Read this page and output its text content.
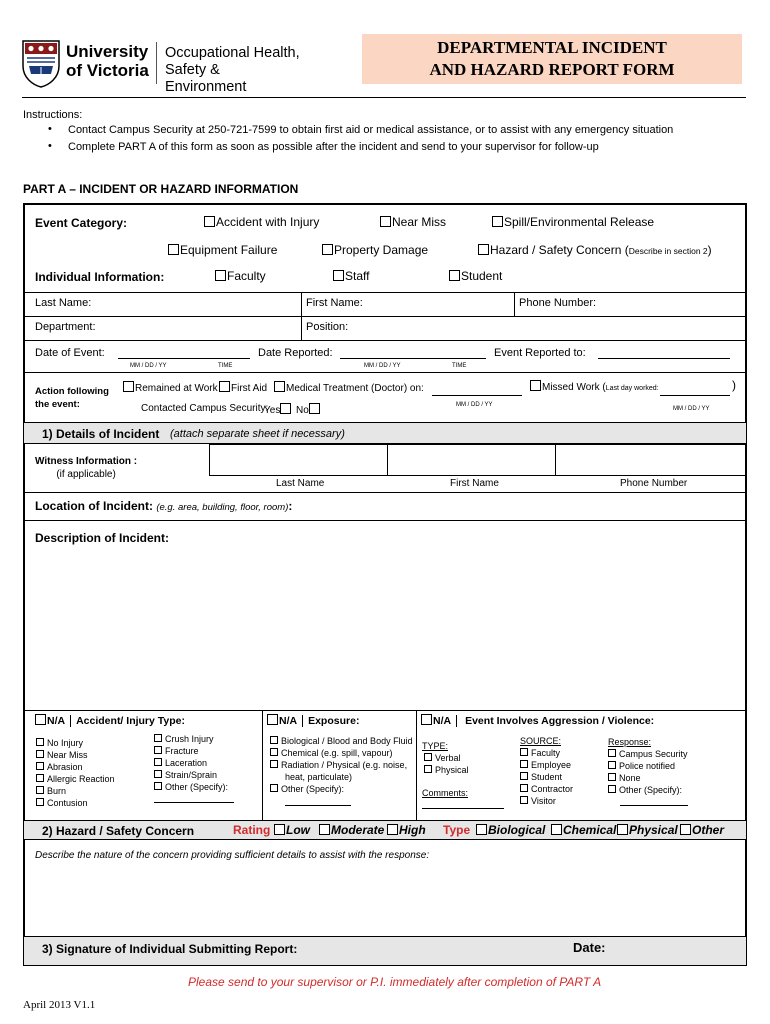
University
of Victoria
Occupational Health,
Safety & Environment
DEPARTMENTAL INCIDENT
AND HAZARD REPORT FORM
Instructions:
• Contact Campus Security at 250-721-7599 to obtain first aid or medical assistance, or to assist with any emergency situation
• Complete PART A of this form as soon as possible after the incident and send to your supervisor for follow-up
PART A – INCIDENT OR HAZARD INFORMATION
Event Category:	Accident with Injury	Near Miss	Spill/Environmental Release
Equipment Failure	Property Damage	Hazard / Safety Concern (Describe in section 2)
Individual Information:	Faculty	Staff	Student
Last Name:	First Name:	Phone Number:
Department:	Position:
Date of Event:
MM / DD / YY	TIME
Date Reported:
MM / DD / YY	TIME
Event Reported to:
Action following
the event:
Remained at Work	First Aid	Medical Treatment (Doctor) on:	Missed Work (Last day worked:	)
MM / DD / YY
MM / DD / YY
Contacted Campus Security:
Yes	No
1) Details of Incident (attach separate sheet if necessary)
Witness Information :
(if applicable)
Last Name	First Name	Phone Number
Location of Incident: (e.g. area, building, floor, room):
Description of Incident:
N/A Accident/ Injury Type:
No Injury
Near Miss
Abrasion
Allergic Reaction
Burn
Contusion
Crush Injury
Fracture
Laceration
Strain/Sprain
Other (Specify):
N/A Exposure:
Biological / Blood and Body Fluid
Chemical (e.g. spill, vapour)
Radiation / Physical (e.g. noise,
heat, particulate)
Other (Specify):
N/A Event Involves Aggression / Violence:
TYPE:
Verbal
Physical
Comments:
SOURCE:
Faculty
Employee
Student
Contractor
Visitor
Response:
Campus Security
Police notified
None
Other (Specify):
2) Hazard / Safety Concern	Rating	Low	Moderate	High Type	Biological	Chemical	Physical	Other
Describe the nature of the concern providing sufficient details to assist with the response:
3) Signature of Individual Submitting Report:	Date:
Please send to your supervisor or P.I. immediately after completion of PART A
April 2013 V1.1
